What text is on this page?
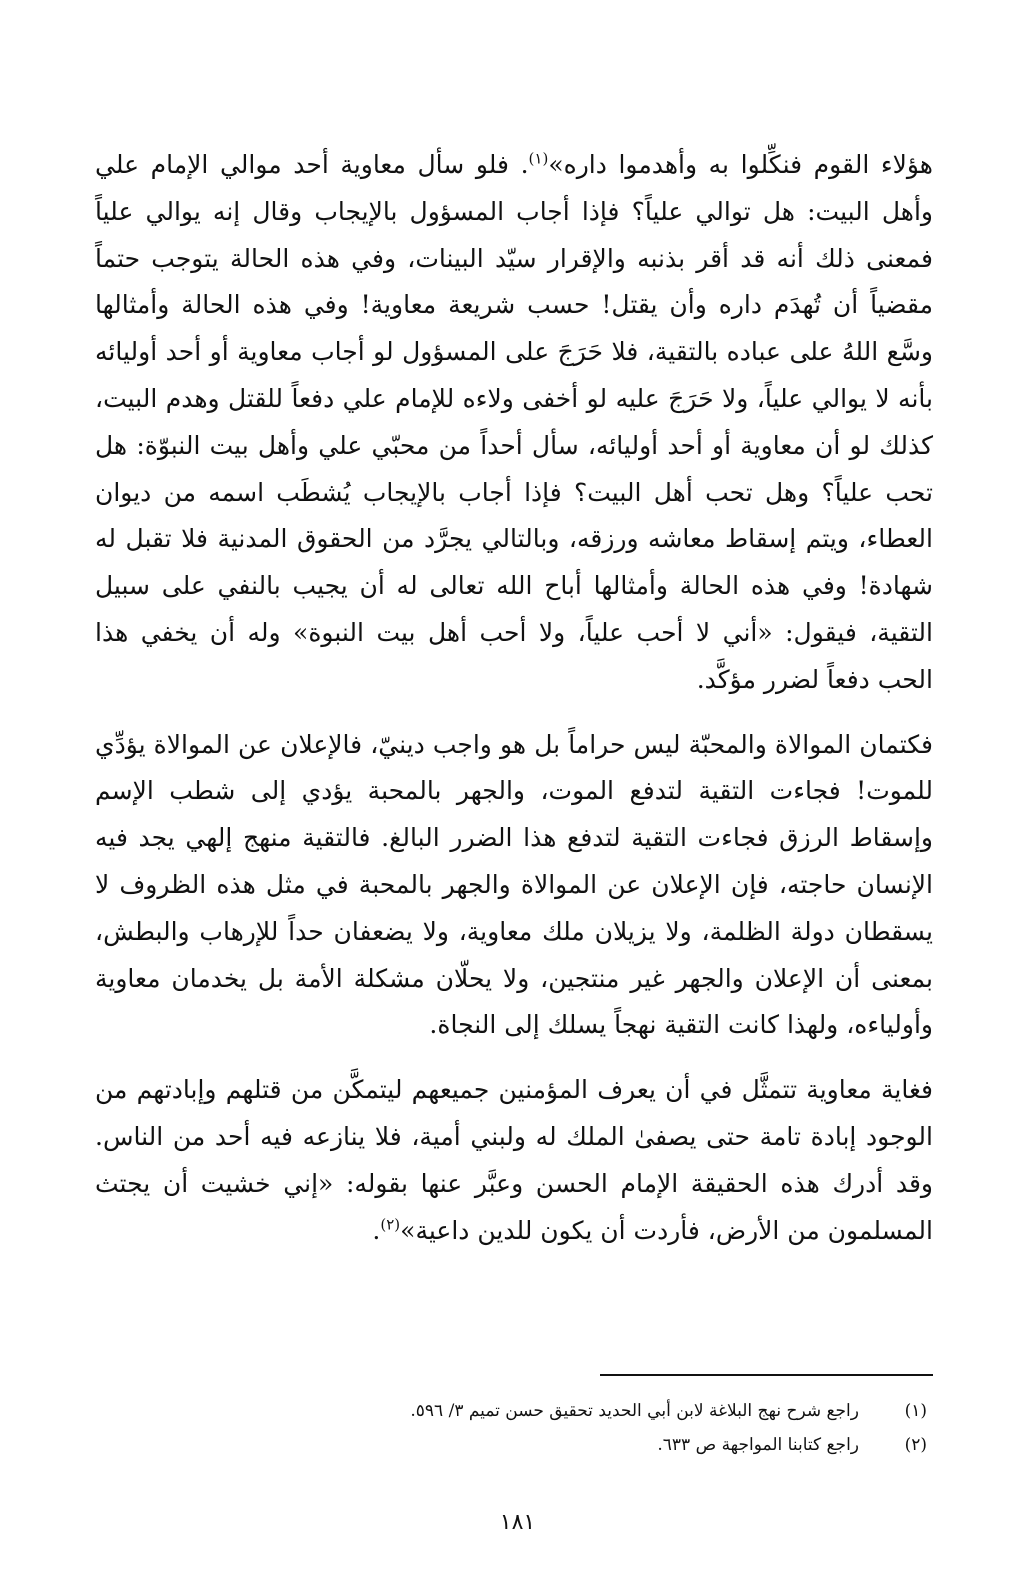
هؤلاء القوم فنكِّلوا به وأهدموا داره»$^{(١)}$. فلو سأل معاوية أحد موالي الإمام علي وأهل البيت: هل توالي علياً؟ فإذا أجاب المسؤول بالإيجاب وقال إنه يوالي علياً فمعنى ذلك أنه قد أقر بذنبه والإقرار سيّد البينات، وفي هذه الحالة يتوجب حتماً مقضياً أن تُهدَم داره وأن يقتل! حسب شريعة معاوية! وفي هذه الحالة وأمثالها وسَّع اللهُ على عباده بالتقية، فلا حَرَجَ على المسؤول لو أجاب معاوية أو أحد أوليائه بأنه لا يوالي علياً، ولا حَرَجَ عليه لو أخفى ولاءه للإمام علي دفعاً للقتل وهدم البيت، كذلك لو أن معاوية أو أحد أوليائه، سأل أحداً من محبّي علي وأهل بيت النبوّة: هل تحب علياً؟ وهل تحب أهل البيت؟ فإذا أجاب بالإيجاب يُشطَب اسمه من ديوان العطاء، ويتم إسقاط معاشه ورزقه، وبالتالي يجرَّد من الحقوق المدنية فلا تقبل له شهادة! وفي هذه الحالة وأمثالها أباح الله تعالى له أن يجيب بالنفي على سبيل التقية، فيقول: «أني لا أحب علياً، ولا أحب أهل بيت النبوة» وله أن يخفي هذا الحب دفعاً لضرر مؤكَّد.

فكتمان الموالاة والمحبّة ليس حراماً بل هو واجب دينيّ، فالإعلان عن الموالاة يؤدِّي للموت! فجاءت التقية لتدفع الموت، والجهر بالمحبة يؤدي إلى شطب الإسم وإسقاط الرزق فجاءت التقية لتدفع هذا الضرر البالغ. فالتقية منهج إلهي يجد فيه الإنسان حاجته، فإن الإعلان عن الموالاة والجهر بالمحبة في مثل هذه الظروف لا يسقطان دولة الظلمة، ولا يزيلان ملك معاوية، ولا يضعفان حداً للإرهاب والبطش، بمعنى أن الإعلان والجهر غير منتجين، ولا يحلّان مشكلة الأمة بل يخدمان معاوية وأولياءه، ولهذا كانت التقية نهجاً يسلك إلى النجاة.

فغاية معاوية تتمثَّل في أن يعرف المؤمنين جميعهم ليتمكَّن من قتلهم وإبادتهم من الوجود إبادة تامة حتى يصفىٰ الملك له ولبني أمية، فلا ينازعه فيه أحد من الناس. وقد أدرك هذه الحقيقة الإمام الحسن وعبَّر عنها بقوله: «إني خشيت أن يجتث المسلمون من الأرض، فأردت أن يكون للدين داعية»$^{(٢)}$.

(١)
راجع شرح نهج البلاغة لابن أبي الحديد تحقيق حسن تميم ٣/ ٥٩٦.
(٢)
راجع كتابنا المواجهة ص ٦٣٣.
١٨١
